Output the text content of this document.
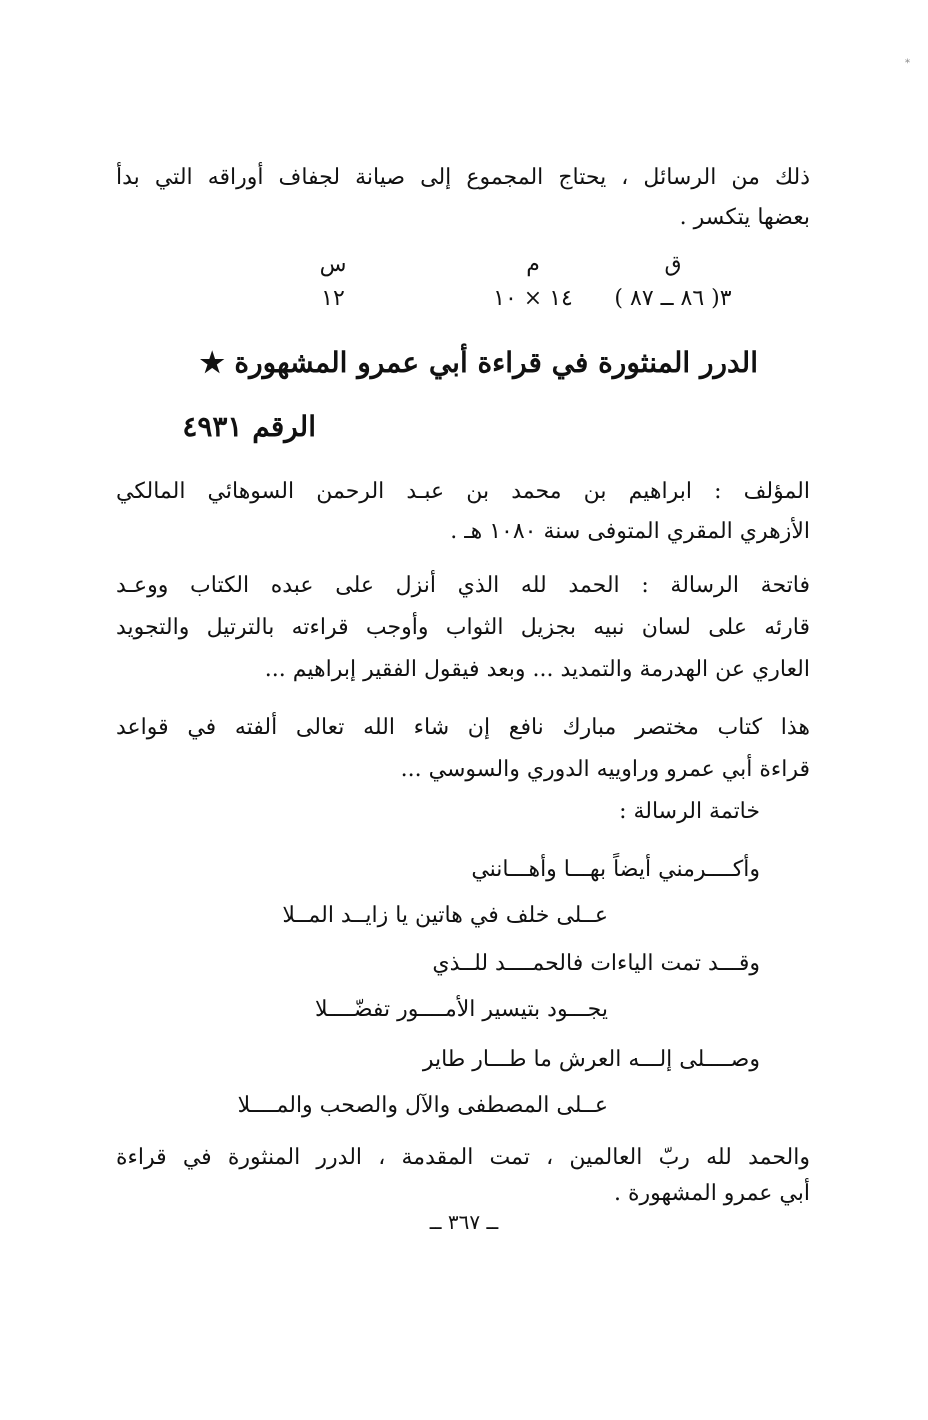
*
ذلك من الرسائل ، يحتاج المجموع إلى صيانة لجفاف أوراقه التي بدأ
بعضها يتكسر .
ق
٣( ٨٦ ــ ٨٧ )
م
١٤ × ١٠
س
١٢
الدرر المنثورة في قراءة أبي عمرو المشهورة ★
الرقم ٤٩٣١
المؤلف : ابراهيم بن محمد بن عبـد الرحمن السوهائي المالكي
الأزهري المقري المتوفى سنة ١٠٨٠ هـ .
فاتحة الرسالة : الحمد لله الذي أنزل على عبده الكتاب ووعـد
قارئه على لسان نبيه بجزيل الثواب وأوجب قراءته بالترتيل والتجويد
العاري عن الهدرمة والتمديد ... وبعد فيقول الفقير إبراهيم ...
هذا كتاب مختصر مبارك نافع إن شاء الله تعالى ألفته في قواعد
قراءة أبي عمرو وراوييه الدوري والسوسي ...
خاتمة الرسالة :
وأكــــرمني أيضاً بهـــا وأهـــانني
عــلى خلف في هاتين يا زايــد المــلا
وقـــد تمت الياءات فالحمــــد للــذي
يجـــود بتيسير الأمــــور تفضّــــلا
وصــــلى إلـــه العرش ما طـــار طاير
عــلى المصطفى والآل والصحب والمــــلا
والحمد لله ربّ العالمين ، تمت المقدمة ، الدرر المنثورة في قراءة
أبي عمرو المشهورة .
ــ ٣٦٧ ــ
